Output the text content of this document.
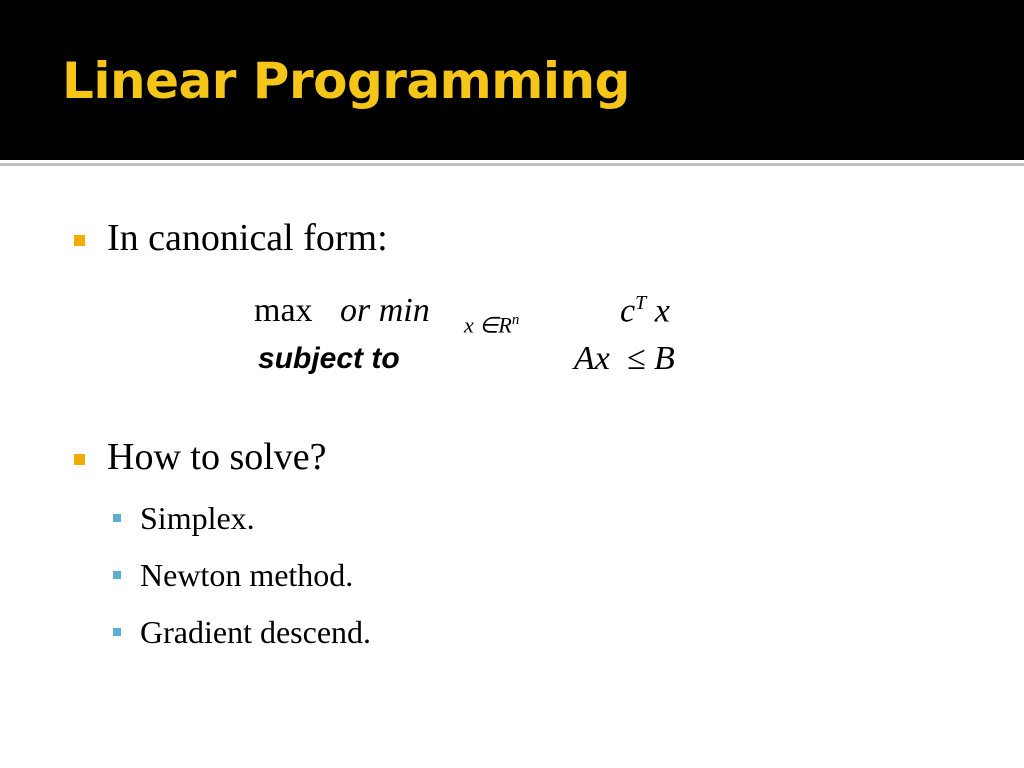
Linear Programming
In canonical form:
max or min x $\in R^n$	$c^T$ x
subject to	Ax  ≤ B
How to solve?
Simplex.
Newton method.
Gradient descend.
